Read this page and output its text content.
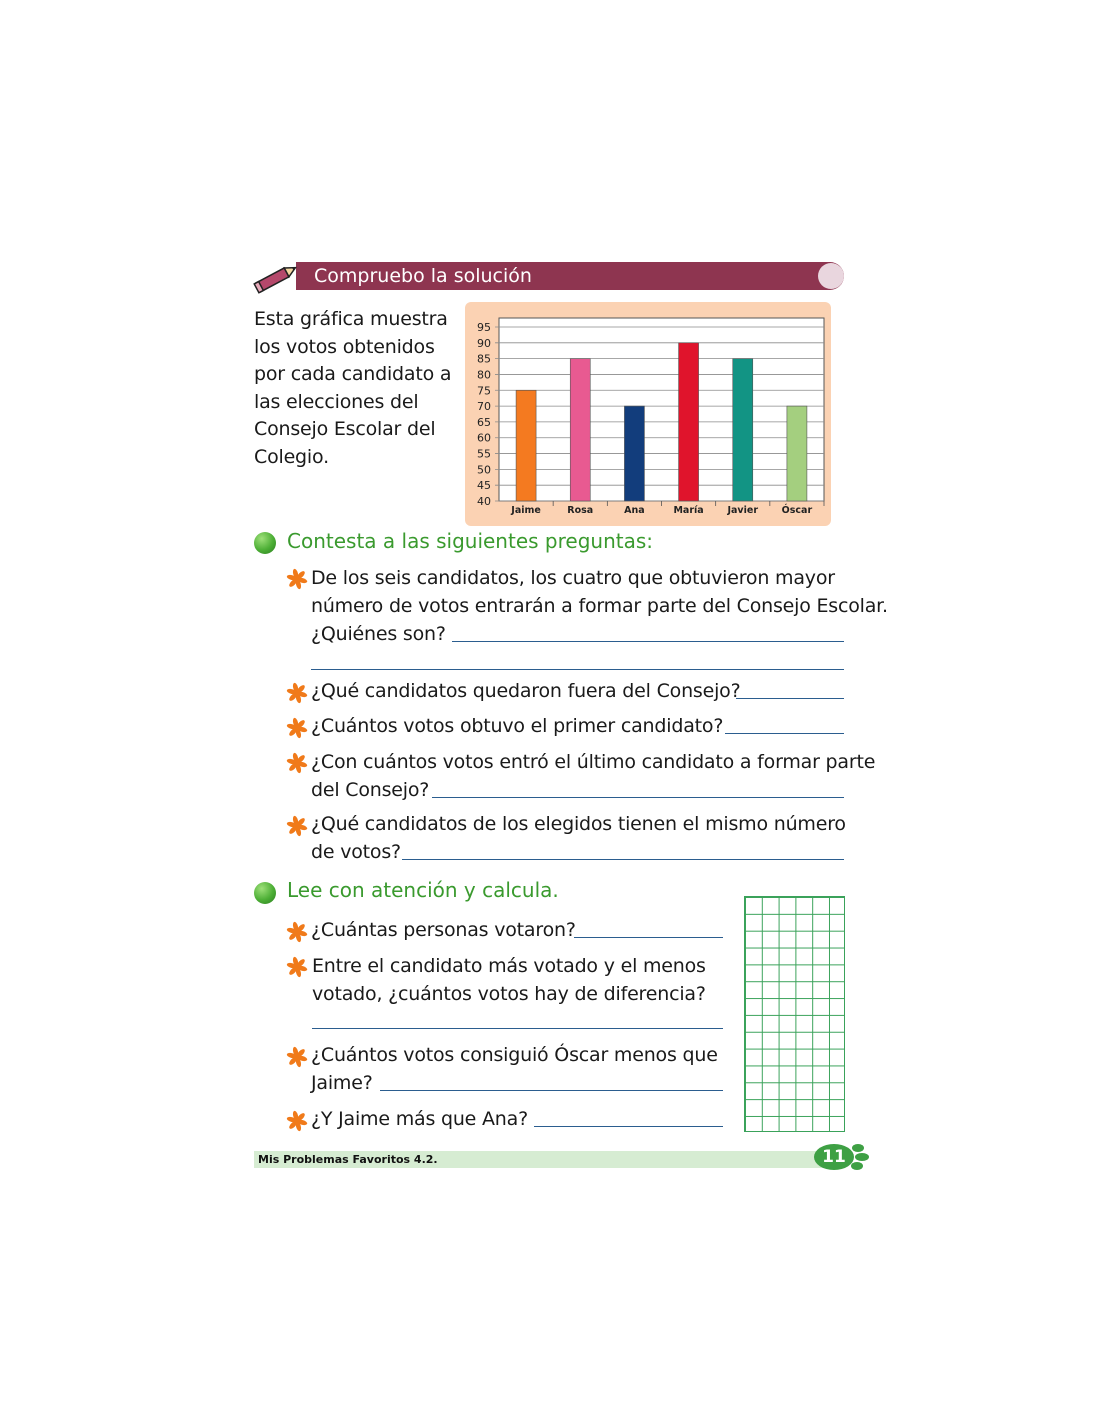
Compruebo la solución
Esta gráfica muestra los votos obtenidos por cada candidato a las elecciones del Consejo Escolar del Colegio.
40
45
50
55
60
65
70
75
80
85
90
95
Jaime	Rosa	Ana	María	Javier Óscar
Contesta a las siguientes preguntas:
De los seis candidatos, los cuatro que obtuvieron mayor
número de votos entrarán a formar parte del Consejo Escolar.
¿Quiénes son?
¿Qué candidatos quedaron fuera del Consejo?
¿Cuántos votos obtuvo el primer candidato?
¿Con cuántos votos entró el último candidato a formar parte
del Consejo?
¿Qué candidatos de los elegidos tienen el mismo número
de votos?
Lee con atención y calcula.
¿Cuántas personas votaron?
Entre el candidato más votado y el menos
votado, ¿cuántos votos hay de diferencia?
¿Cuántos votos consiguió Óscar menos que
Jaime?
¿Y Jaime más que Ana?
Mis Problemas Favoritos 4.2.	11
